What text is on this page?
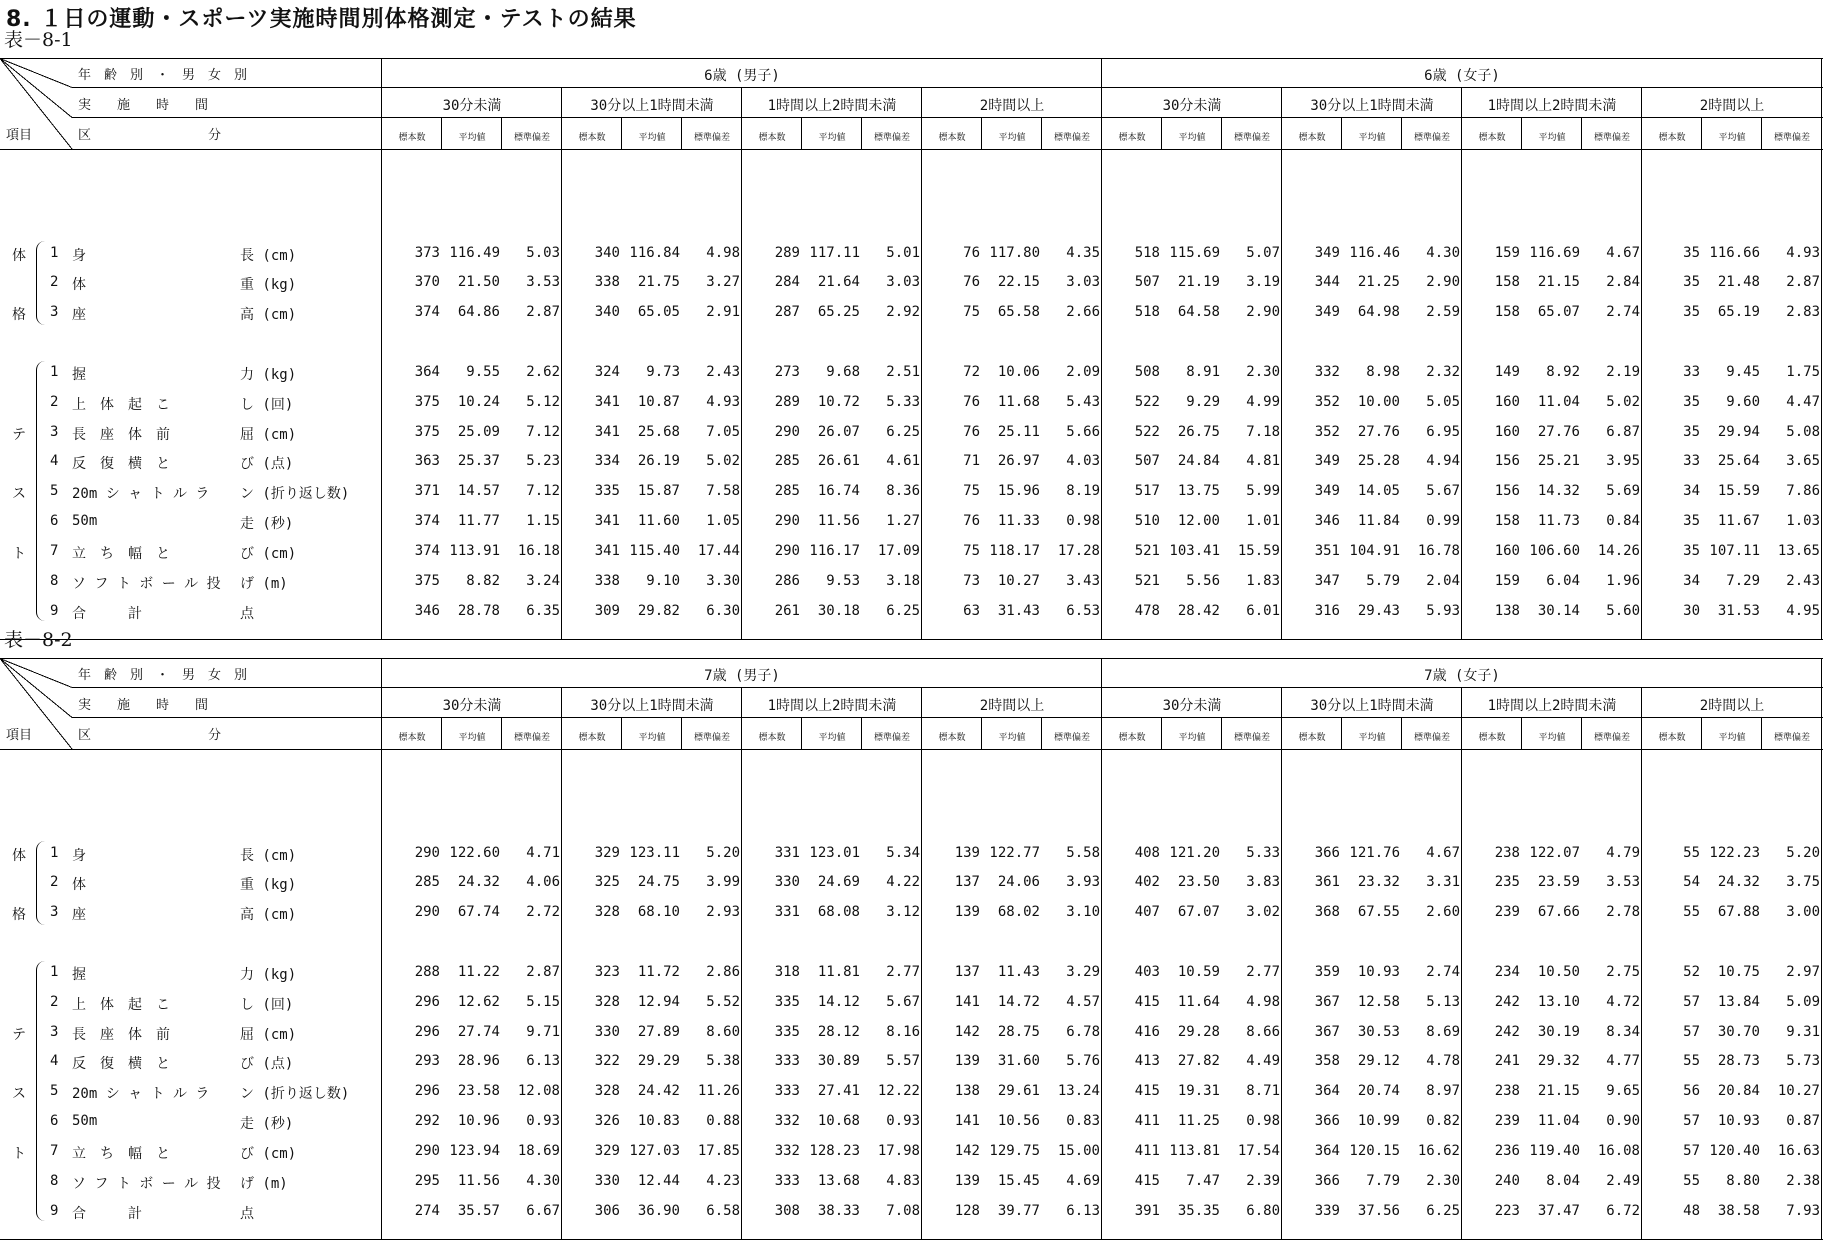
8. １日の運動・スポーツ実施時間別体格測定・テストの結果
表－8-1
年　齢　別　・　男　女　別
実　　施　　時　　間
項目	区　　　　　　　　　分
6歳 (男子)	6歳 (女子)
30分未満
標本数	平均値	標準偏差
30分以上1時間未満
標本数	平均値	標準偏差
1時間以上2時間未満
標本数	平均値	標準偏差
2時間以上
標本数	平均値	標準偏差
30分未満
標本数	平均値	標準偏差
30分以上1時間未満
標本数	平均値	標準偏差
1時間以上2時間未満
標本数	平均値	標準偏差
2時間以上
標本数	平均値	標準偏差
体
格
テ
ス
ト
1 身	長 (cm)	373 116.49	5.03	340 116.84	4.98	289 117.11	5.01	76 117.80	4.35	518 115.69	5.07	349 116.46	4.30	159 116.69	4.67	35 116.66	4.93
2 体	重 (kg)	370	21.50	3.53	338	21.75	3.27	284	21.64	3.03	76	22.15	3.03	507	21.19	3.19	344	21.25	2.90	158	21.15	2.84	35	21.48	2.87
3 座	高 (cm)	374	64.86	2.87	340	65.05	2.91	287	65.25	2.92	75	65.58	2.66	518	64.58	2.90	349	64.98	2.59	158	65.07	2.74	35	65.19	2.83
1 握	力 (kg)	364	9.55	2.62	324	9.73	2.43	273	9.68	2.51	72	10.06	2.09	508	8.91	2.30	332	8.98	2.32	149	8.92	2.19	33	9.45	1.75
2 上　体　起　こ	し (回)	375	10.24	5.12	341	10.87	4.93	289	10.72	5.33	76	11.68	5.43	522	9.29	4.99	352	10.00	5.05	160	11.04	5.02	35	9.60	4.47
3 長　座　体　前	屈 (cm)	375	25.09	7.12	341	25.68	7.05	290	26.07	6.25	76	25.11	5.66	522	26.75	7.18	352	27.76	6.95	160	27.76	6.87	35	29.94	5.08
4 反　復　横　と	び (点)	363	25.37	5.23	334	26.19	5.02	285	26.61	4.61	71	26.97	4.03	507	24.84	4.81	349	25.28	4.94	156	25.21	3.95	33	25.64	3.65
5 20m シ ャ ト ル ラ ン (折り返し数)	371	14.57	7.12	335	15.87	7.58	285	16.74	8.36	75	15.96	8.19	517	13.75	5.99	349	14.05	5.67	156	14.32	5.69	34	15.59	7.86
6 50m	走 (秒)	374	11.77	1.15	341	11.60	1.05	290	11.56	1.27	76	11.33	0.98	510	12.00	1.01	346	11.84	0.99	158	11.73	0.84	35	11.67	1.03
7 立　ち　幅　と	び (cm)	374 113.91	16.18	341 115.40	17.44	290 116.17	17.09	75 118.17	17.28	521 103.41	15.59	351 104.91	16.78	160 106.60	14.26	35 107.11	13.65
8 ソ フ ト ボ ー ル 投 げ (m)	375	8.82	3.24	338	9.10	3.30	286	9.53	3.18	73	10.27	3.43	521	5.56	1.83	347	5.79	2.04	159	6.04	1.96	34	7.29	2.43
9 合　　　計	点	346	28.78	6.35	309	29.82	6.30	261	30.18	6.25	63	31.43	6.53	478	28.42	6.01	316	29.43	5.93	138	30.14	5.60	30	31.53	4.95
表－8-2
年　齢　別　・　男　女　別
実　　施　　時　　間
項目	区　　　　　　　　　分
7歳 (男子)	7歳 (女子)
30分未満
標本数	平均値	標準偏差
30分以上1時間未満
標本数	平均値	標準偏差
1時間以上2時間未満
標本数	平均値	標準偏差
2時間以上
標本数	平均値	標準偏差
30分未満
標本数	平均値	標準偏差
30分以上1時間未満
標本数	平均値	標準偏差
1時間以上2時間未満
標本数	平均値	標準偏差
2時間以上
標本数	平均値	標準偏差
体
格
テ
ス
ト
1 身	長 (cm)	290 122.60	4.71	329 123.11	5.20	331 123.01	5.34	139 122.77	5.58	408 121.20	5.33	366 121.76	4.67	238 122.07	4.79	55 122.23	5.20
2 体	重 (kg)	285	24.32	4.06	325	24.75	3.99	330	24.69	4.22	137	24.06	3.93	402	23.50	3.83	361	23.32	3.31	235	23.59	3.53	54	24.32	3.75
3 座	高 (cm)	290	67.74	2.72	328	68.10	2.93	331	68.08	3.12	139	68.02	3.10	407	67.07	3.02	368	67.55	2.60	239	67.66	2.78	55	67.88	3.00
1 握	力 (kg)	288	11.22	2.87	323	11.72	2.86	318	11.81	2.77	137	11.43	3.29	403	10.59	2.77	359	10.93	2.74	234	10.50	2.75	52	10.75	2.97
2 上　体　起　こ	し (回)	296	12.62	5.15	328	12.94	5.52	335	14.12	5.67	141	14.72	4.57	415	11.64	4.98	367	12.58	5.13	242	13.10	4.72	57	13.84	5.09
3 長　座　体　前	屈 (cm)	296	27.74	9.71	330	27.89	8.60	335	28.12	8.16	142	28.75	6.78	416	29.28	8.66	367	30.53	8.69	242	30.19	8.34	57	30.70	9.31
4 反　復　横　と	び (点)	293	28.96	6.13	322	29.29	5.38	333	30.89	5.57	139	31.60	5.76	413	27.82	4.49	358	29.12	4.78	241	29.32	4.77	55	28.73	5.73
5 20m シ ャ ト ル ラ ン (折り返し数)	296	23.58	12.08	328	24.42	11.26	333	27.41	12.22	138	29.61	13.24	415	19.31	8.71	364	20.74	8.97	238	21.15	9.65	56	20.84	10.27
6 50m	走 (秒)	292	10.96	0.93	326	10.83	0.88	332	10.68	0.93	141	10.56	0.83	411	11.25	0.98	366	10.99	0.82	239	11.04	0.90	57	10.93	0.87
7 立　ち　幅　と	び (cm)	290 123.94	18.69	329 127.03	17.85	332 128.23	17.98	142 129.75	15.00	411 113.81	17.54	364 120.15	16.62	236 119.40	16.08	57 120.40	16.63
8 ソ フ ト ボ ー ル 投 げ (m)	295	11.56	4.30	330	12.44	4.23	333	13.68	4.83	139	15.45	4.69	415	7.47	2.39	366	7.79	2.30	240	8.04	2.49	55	8.80	2.38
9 合　　　計	点	274	35.57	6.67	306	36.90	6.58	308	38.33	7.08	128	39.77	6.13	391	35.35	6.80	339	37.56	6.25	223	37.47	6.72	48	38.58	7.93
